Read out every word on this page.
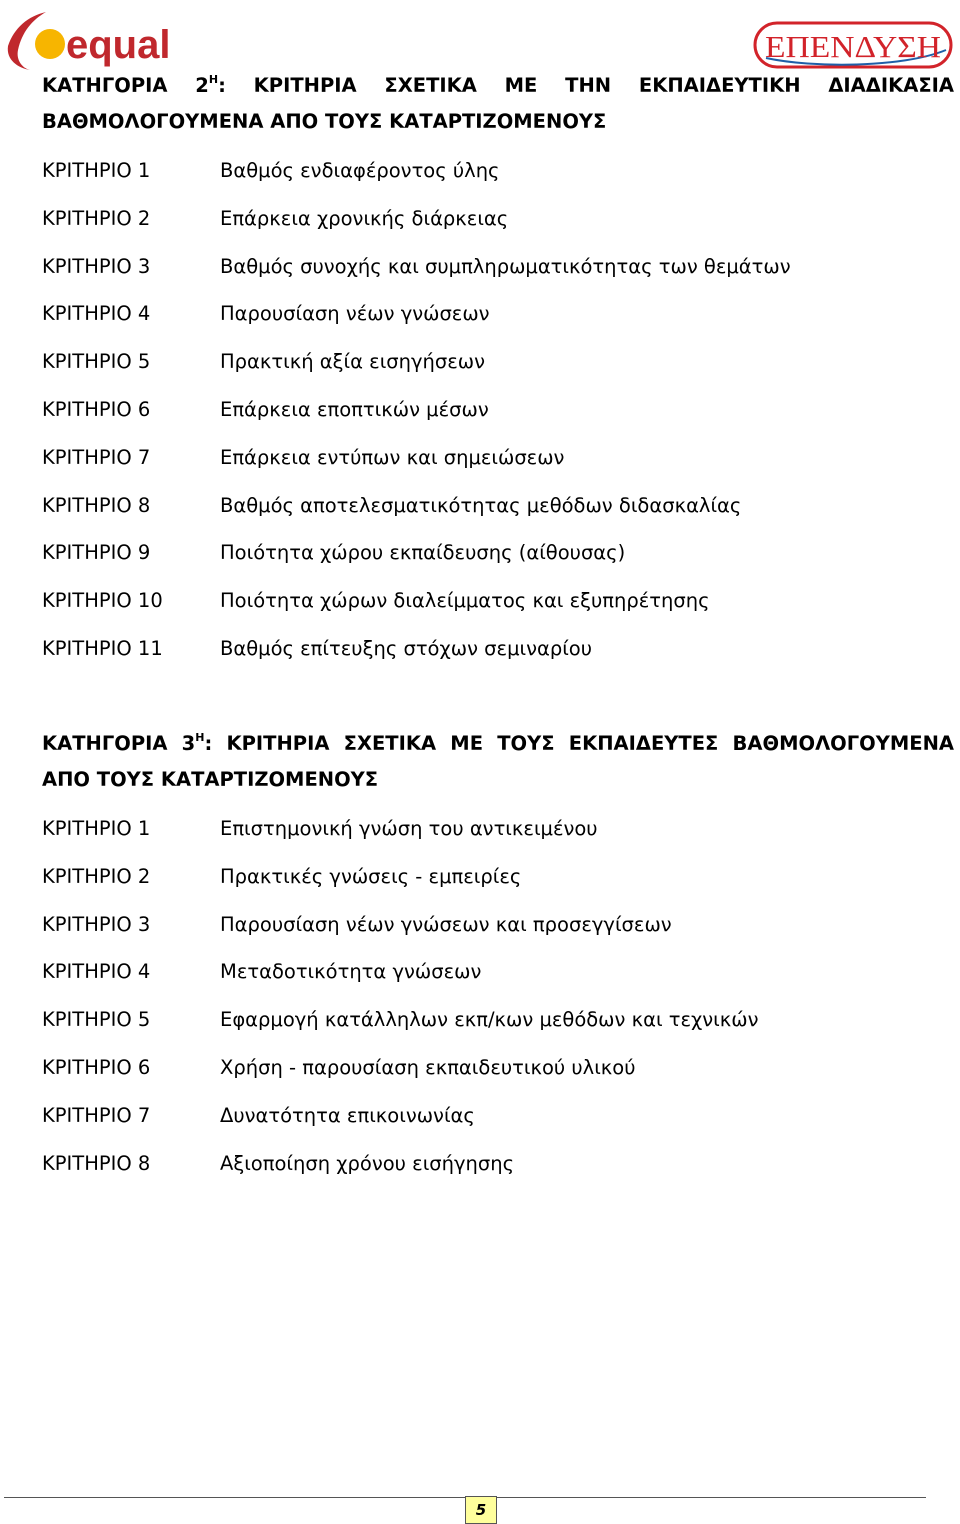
equal	ΕΠΕΝΔΥΣΗ
ΚΑΤΗΓΟΡΙΑ $2^H$: ΚΡΙΤΗΡΙΑ ΣΧΕΤΙΚΑ ΜΕ ΤΗΝ ΕΚΠΑΙΔΕΥΤΙΚΗ ΔΙΑΔΙΚΑΣΙΑ
ΒΑΘΜΟΛΟΓΟΥΜΕΝΑ ΑΠΟ ΤΟΥΣ ΚΑΤΑΡΤΙΖΟΜΕΝΟΥΣ
ΚΡΙΤΗΡΙΟ 1	Βαθμός ενδιαφέροντος ύλης
ΚΡΙΤΗΡΙΟ 2	Επάρκεια χρονικής διάρκειας
ΚΡΙΤΗΡΙΟ 3	Βαθμός συνοχής και συμπληρωματικότητας των θεμάτων
ΚΡΙΤΗΡΙΟ 4	Παρουσίαση νέων γνώσεων
ΚΡΙΤΗΡΙΟ 5	Πρακτική αξία εισηγήσεων
ΚΡΙΤΗΡΙΟ 6	Επάρκεια εποπτικών μέσων
ΚΡΙΤΗΡΙΟ 7	Επάρκεια εντύπων και σημειώσεων
ΚΡΙΤΗΡΙΟ 8	Βαθμός αποτελεσματικότητας μεθόδων διδασκαλίας
ΚΡΙΤΗΡΙΟ 9	Ποιότητα χώρου εκπαίδευσης (αίθουσας)
ΚΡΙΤΗΡΙΟ 10	Ποιότητα χώρων διαλείμματος και εξυπηρέτησης
ΚΡΙΤΗΡΙΟ 11	Βαθμός επίτευξης στόχων σεμιναρίου
ΚΑΤΗΓΟΡΙΑ $3^H$: ΚΡΙΤΗΡΙΑ ΣΧΕΤΙΚΑ ΜΕ ΤΟΥΣ ΕΚΠΑΙΔΕΥΤΕΣ ΒΑΘΜΟΛΟΓΟΥΜΕΝΑ
ΑΠΟ ΤΟΥΣ ΚΑΤΑΡΤΙΖΟΜΕΝΟΥΣ
ΚΡΙΤΗΡΙΟ 1	Επιστημονική γνώση του αντικειμένου
ΚΡΙΤΗΡΙΟ 2	Πρακτικές γνώσεις - εμπειρίες
ΚΡΙΤΗΡΙΟ 3	Παρουσίαση νέων γνώσεων και προσεγγίσεων
ΚΡΙΤΗΡΙΟ 4	Μεταδοτικότητα γνώσεων
ΚΡΙΤΗΡΙΟ 5	Εφαρμογή κατάλληλων εκπ/κων μεθόδων και τεχνικών
ΚΡΙΤΗΡΙΟ 6	Χρήση - παρουσίαση εκπαιδευτικού υλικού
ΚΡΙΤΗΡΙΟ 7	Δυνατότητα επικοινωνίας
ΚΡΙΤΗΡΙΟ 8	Αξιοποίηση χρόνου εισήγησης
5
